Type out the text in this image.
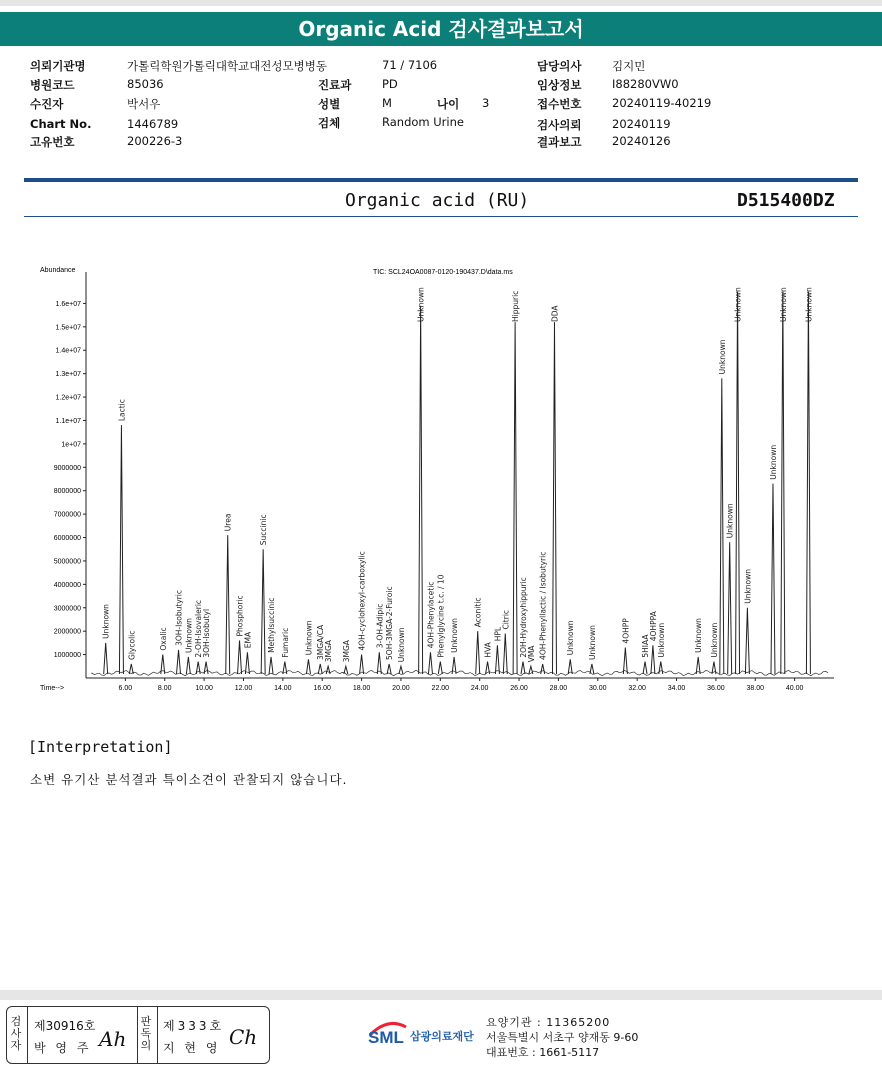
Organic Acid 검사결과보고서
의뢰기관명	가톨릭학원가톨릭대학교대전성모병병동
병원코드	85036
수진자	박서우
Chart No.	1446789
고유번호	200226-3
71 / 7106
진료과	PD
성별	M	나이 3
검체	Random Urine
담당의사	김지민
임상정보	I88280VW0
접수번호	20240119-40219
검사의뢰	20240119
결과보고	20240126
Organic acid (RU)	D515400DZ
Abundance
Time-->
TIC: SCL24OA0087-0120-190437.D\data.ms
1000000
2000000
3000000
4000000
5000000
6000000
7000000
8000000
9000000
1e+07
1.1e+07
1.2e+07
1.3e+07
1.4e+07
1.5e+07
1.6e+07
6.00	8.00	10.00	12.00	14.00	16.00	18.00	20.00	22.00	24.00	26.00	28.00	30.00	32.00	34.00	36.00	38.00	40.00
Unknown
Lactic
Glycolic	Oxalic 3OH-Isobutyric Unknown 2-OH-Isovaleric
3OH-Isobutyl
Urea
Phosphoric
EMA
Succinic
Methylsuccinic Fumaric Unknown 3MGA/CA
3MGA 3MGA
4OH-cyclohexyl-carboxylic 3-OH-Adipic 5OH-3MGA-2-Furoic Unknown
Unknown
4OH-Phenylacetic Phenylglycine t.c. / 10 Unknown
Aconitic
HVA
HPL
Citric
Hippuric
2OH-Hydroxyhippuric
VMA 4OH-Phenyllactic / Isobutyric
DDA
Unknown Unknown	4OHPP
5HIAA
4OHPPA
Unknown	Unknown Unknown
Unknown
Unknown
Unknown
Unknown
Unknown
Unknown Unknown
[Interpretation]
소변 유기산 분석결과 특이소견이 관찰되지 않습니다.
검사자
제30916호
박 영 주 Ah
판독의
제333호
지 현 영 Ch	SML 삼광의료재단
요양기관 : 11365200
서울특별시 서초구 양재동 9-60
대표번호 : 1661-5117
